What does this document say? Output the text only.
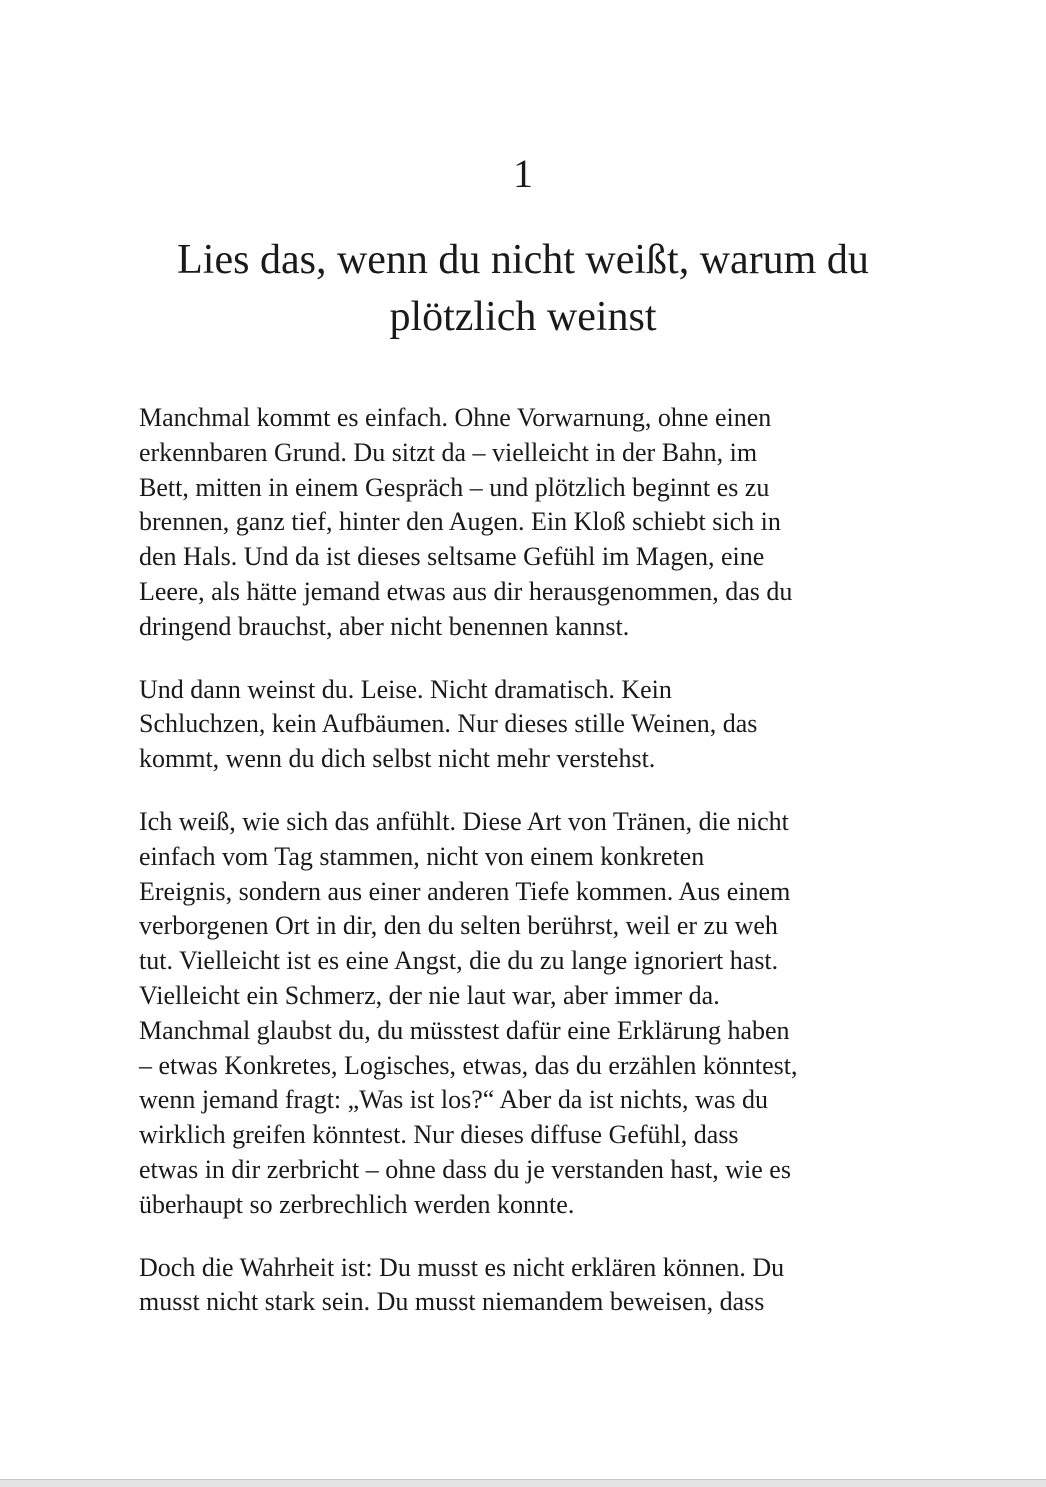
1
Lies das, wenn du nicht weißt, warum du
plötzlich weinst

Manchmal kommt es einfach. Ohne Vorwarnung, ohne einen
erkennbaren Grund. Du sitzt da – vielleicht in der Bahn, im
Bett, mitten in einem Gespräch – und plötzlich beginnt es zu
brennen, ganz tief, hinter den Augen. Ein Kloß schiebt sich in
den Hals. Und da ist dieses seltsame Gefühl im Magen, eine
Leere, als hätte jemand etwas aus dir herausgenommen, das du
dringend brauchst, aber nicht benennen kannst.

Und dann weinst du. Leise. Nicht dramatisch. Kein
Schluchzen, kein Aufbäumen. Nur dieses stille Weinen, das
kommt, wenn du dich selbst nicht mehr verstehst.

Ich weiß, wie sich das anfühlt. Diese Art von Tränen, die nicht
einfach vom Tag stammen, nicht von einem konkreten
Ereignis, sondern aus einer anderen Tiefe kommen. Aus einem
verborgenen Ort in dir, den du selten berührst, weil er zu weh
tut. Vielleicht ist es eine Angst, die du zu lange ignoriert hast.
Vielleicht ein Schmerz, der nie laut war, aber immer da.
Manchmal glaubst du, du müsstest dafür eine Erklärung haben
– etwas Konkretes, Logisches, etwas, das du erzählen könntest,
wenn jemand fragt: „Was ist los?“ Aber da ist nichts, was du
wirklich greifen könntest. Nur dieses diffuse Gefühl, dass
etwas in dir zerbricht – ohne dass du je verstanden hast, wie es
überhaupt so zerbrechlich werden konnte.

Doch die Wahrheit ist: Du musst es nicht erklären können. Du
musst nicht stark sein. Du musst niemandem beweisen, dass
